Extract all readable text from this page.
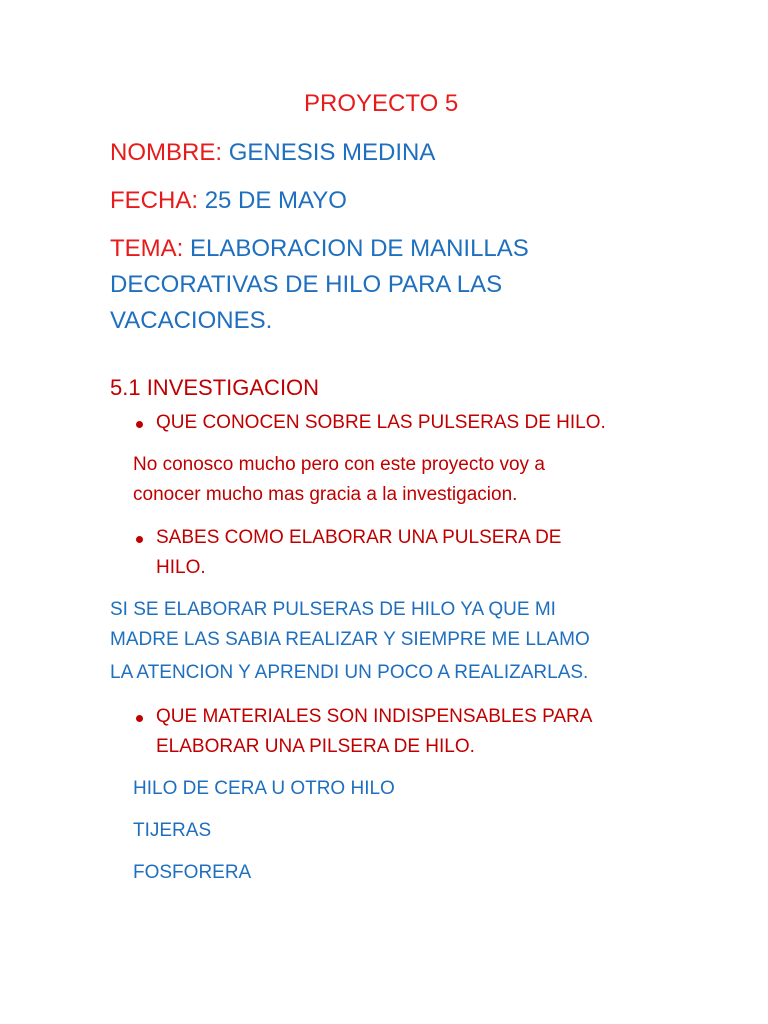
PROYECTO 5
NOMBRE: GENESIS MEDINA
FECHA: 25 DE MAYO
TEMA: ELABORACION DE MANILLAS
DECORATIVAS DE HILO PARA LAS
VACACIONES.
5.1 INVESTIGACION
QUE CONOCEN SOBRE LAS PULSERAS DE HILO.
No conosco mucho pero con este proyecto voy a
conocer mucho mas gracia a la investigacion.
SABES COMO ELABORAR UNA PULSERA DE
HILO.
SI SE ELABORAR PULSERAS DE HILO YA QUE MI
MADRE LAS SABIA REALIZAR Y SIEMPRE ME LLAMO
LA ATENCION Y APRENDI UN POCO A REALIZARLAS.
QUE MATERIALES SON INDISPENSABLES PARA
ELABORAR UNA PILSERA DE HILO.
HILO DE CERA U OTRO HILO
TIJERAS
FOSFORERA
